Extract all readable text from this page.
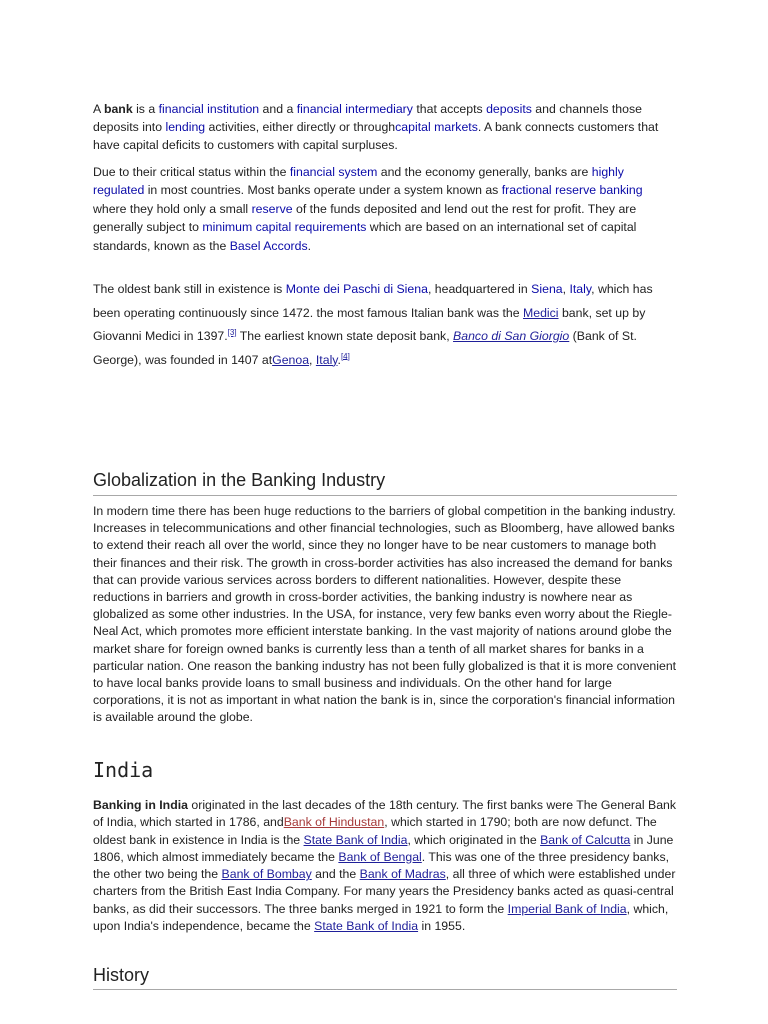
A bank is a financial institution and a financial intermediary that accepts deposits and channels those deposits into lending activities, either directly or throughcapital markets. A bank connects customers that have capital deficits to customers with capital surpluses.

Due to their critical status within the financial system and the economy generally, banks are highly regulated in most countries. Most banks operate under a system known as fractional reserve banking where they hold only a small reserve of the funds deposited and lend out the rest for profit. They are generally subject to minimum capital requirements which are based on an international set of capital standards, known as the Basel Accords.

The oldest bank still in existence is Monte dei Paschi di Siena, headquartered in Siena, Italy, which has been operating continuously since 1472. the most famous Italian bank was the Medici bank, set up by Giovanni Medici in 1397.[3] The earliest known state deposit bank, Banco di San Giorgio (Bank of St. George), was founded in 1407 atGenoa, Italy.[4]

Globalization in the Banking Industry

In modern time there has been huge reductions to the barriers of global competition in the banking industry. Increases in telecommunications and other financial technologies, such as Bloomberg, have allowed banks to extend their reach all over the world, since they no longer have to be near customers to manage both their finances and their risk. The growth in cross-border activities has also increased the demand for banks that can provide various services across borders to different nationalities. However, despite these reductions in barriers and growth in cross-border activities, the banking industry is nowhere near as globalized as some other industries. In the USA, for instance, very few banks even worry about the Riegle-Neal Act, which promotes more efficient interstate banking. In the vast majority of nations around globe the market share for foreign owned banks is currently less than a tenth of all market shares for banks in a particular nation. One reason the banking industry has not been fully globalized is that it is more convenient to have local banks provide loans to small business and individuals. On the other hand for large corporations, it is not as important in what nation the bank is in, since the corporation's financial information is available around the globe.

India

Banking in India originated in the last decades of the 18th century. The first banks were The General Bank of India, which started in 1786, andBank of Hindustan, which started in 1790; both are now defunct. The oldest bank in existence in India is the State Bank of India, which originated in the Bank of Calcutta in June 1806, which almost immediately became the Bank of Bengal. This was one of the three presidency banks, the other two being the Bank of Bombay and the Bank of Madras, all three of which were established under charters from the British East India Company. For many years the Presidency banks acted as quasi-central banks, as did their successors. The three banks merged in 1921 to form the Imperial Bank of India, which, upon India's independence, became the State Bank of India in 1955.

History
